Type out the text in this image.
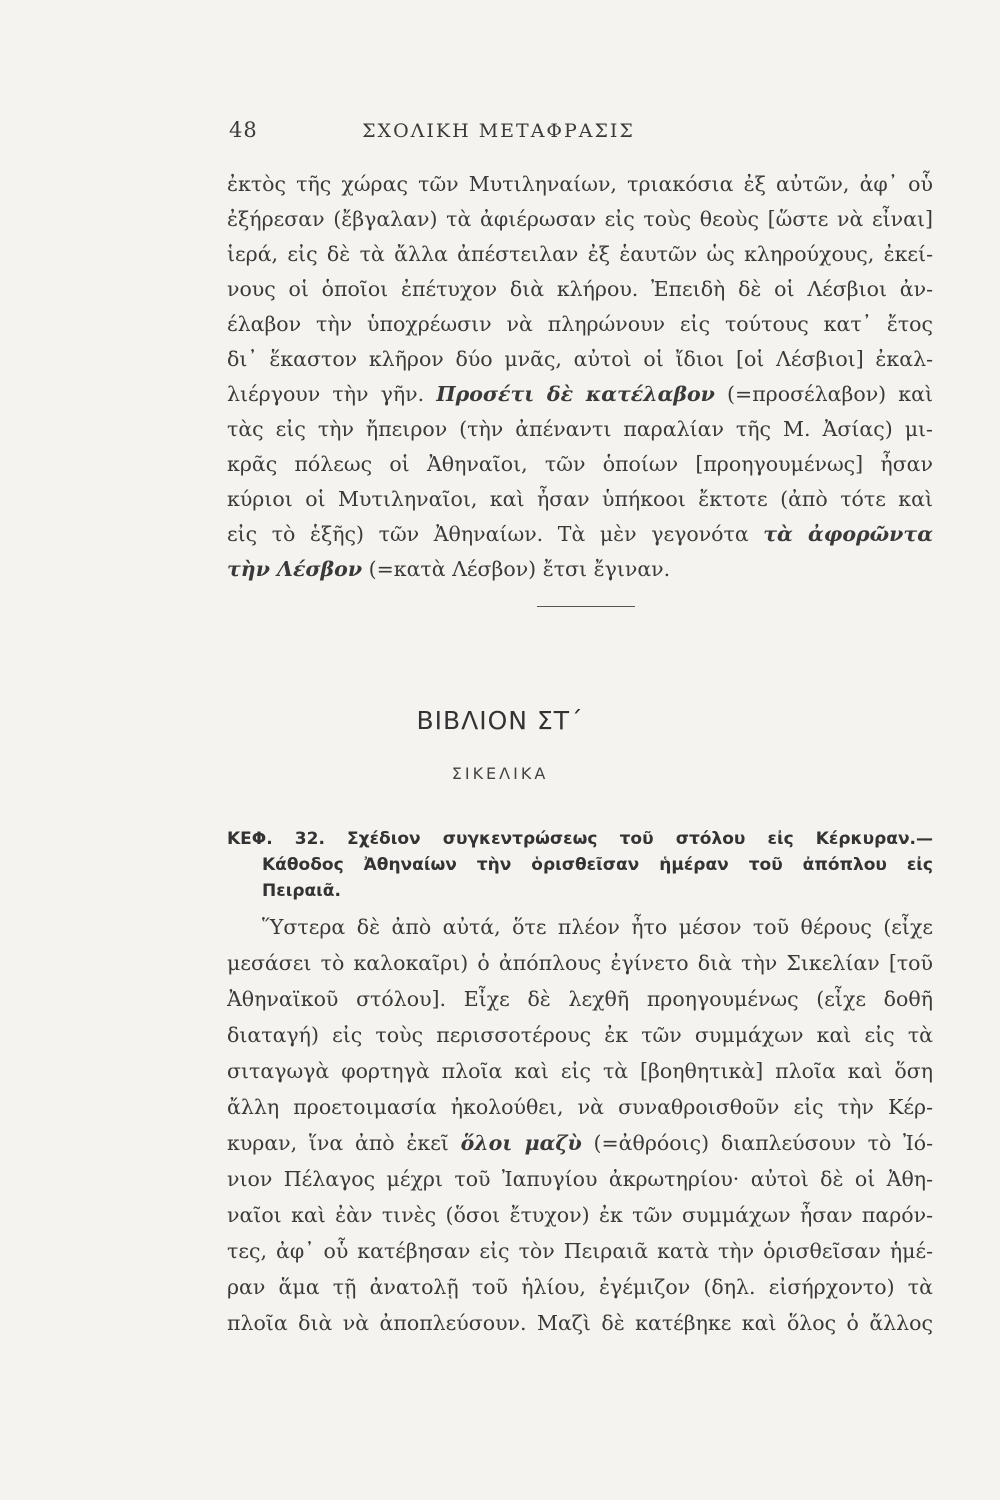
48	ΣΧΟΛΙΚΗ ΜΕΤΑΦΡΑΣΙΣ
ἐκτὸς τῆς χώρας τῶν Μυτιληναίων, τριακόσια ἐξ αὐτῶν, ἀφ᾽ οὗ
ἐξήρεσαν (ἔβγαλαν) τὰ ἀφιέρωσαν εἰς τοὺς θεοὺς [ὥστε νὰ εἶναι]
ἱερά, εἰς δὲ τὰ ἄλλα ἀπέστειλαν ἐξ ἑαυτῶν ὡς κληρούχους, ἐκεί-
νους οἱ ὁποῖοι ἐπέτυχον διὰ κλήρου. Ἐπειδὴ δὲ οἱ Λέσβιοι ἀν-
έλαβον τὴν ὑποχρέωσιν νὰ πληρώνουν εἰς τούτους κατ᾽ ἔτος
δι᾽ ἕκαστον κλῆρον δύο μνᾶς, αὐτοὶ οἱ ἴδιοι [οἱ Λέσβιοι] ἐκαλ-
λιέργουν τὴν γῆν. Προσέτι δὲ κατέλαβον (=προσέλαβον) καὶ
τὰς εἰς τὴν ἤπειρον (τὴν ἀπέναντι παραλίαν τῆς Μ. Ἀσίας) μι-
κρᾶς πόλεως οἱ Ἀθηναῖοι, τῶν ὁποίων [προηγουμένως] ἦσαν
κύριοι οἱ Μυτιληναῖοι, καὶ ἦσαν ὑπήκοοι ἔκτοτε (ἀπὸ τότε καὶ
εἰς τὸ ἑξῆς) τῶν Ἀθηναίων. Τὰ μὲν γεγονότα τὰ ἀφορῶντα
τὴν Λέσβον (=κατὰ Λέσβον) ἔτσι ἔγιναν.
ΒΙΒΛΙΟΝ ΣΤ΄
ΣΙΚΕΛΙΚΑ
ΚΕΦ. 32. Σχέδιον συγκεντρώσεως τοῦ στόλου εἰς Κέρκυραν.—
Κάθοδος Ἀθηναίων τὴν ὁρισθεῖσαν ἡμέραν τοῦ ἀπόπλου εἰς
Πειραιᾶ.
Ὕστερα δὲ ἀπὸ αὐτά, ὅτε πλέον ἦτο μέσον τοῦ θέρους (εἶχε
μεσάσει τὸ καλοκαῖρι) ὁ ἀπόπλους ἐγίνετο διὰ τὴν Σικελίαν [τοῦ
Ἀθηναϊκοῦ στόλου]. Εἶχε δὲ λεχθῆ προηγουμένως (εἶχε δοθῆ
διαταγή) εἰς τοὺς περισσοτέρους ἐκ τῶν συμμάχων καὶ εἰς τὰ
σιταγωγὰ φορτηγὰ πλοῖα καὶ εἰς τὰ [βοηθητικὰ] πλοῖα καὶ ὅση
ἄλλη προετοιμασία ἠκολούθει, νὰ συναθροισθοῦν εἰς τὴν Κέρ-
κυραν, ἵνα ἀπὸ ἐκεῖ ὅλοι μαζὺ (=ἀθρόοις) διαπλεύσουν τὸ Ἰό-
νιον Πέλαγος μέχρι τοῦ Ἰαπυγίου ἀκρωτηρίου· αὐτοὶ δὲ οἱ Ἀθη-
ναῖοι καὶ ἐὰν τινὲς (ὅσοι ἔτυχον) ἐκ τῶν συμμάχων ἦσαν παρόν-
τες, ἀφ᾽ οὗ κατέβησαν εἰς τὸν Πειραιᾶ κατὰ τὴν ὁρισθεῖσαν ἡμέ-
ραν ἅμα τῇ ἀνατολῇ τοῦ ἡλίου, ἐγέμιζον (δηλ. εἰσήρχοντο) τὰ
πλοῖα διὰ νὰ ἀποπλεύσουν. Μαζὶ δὲ κατέβηκε καὶ ὅλος ὁ ἄλλος
